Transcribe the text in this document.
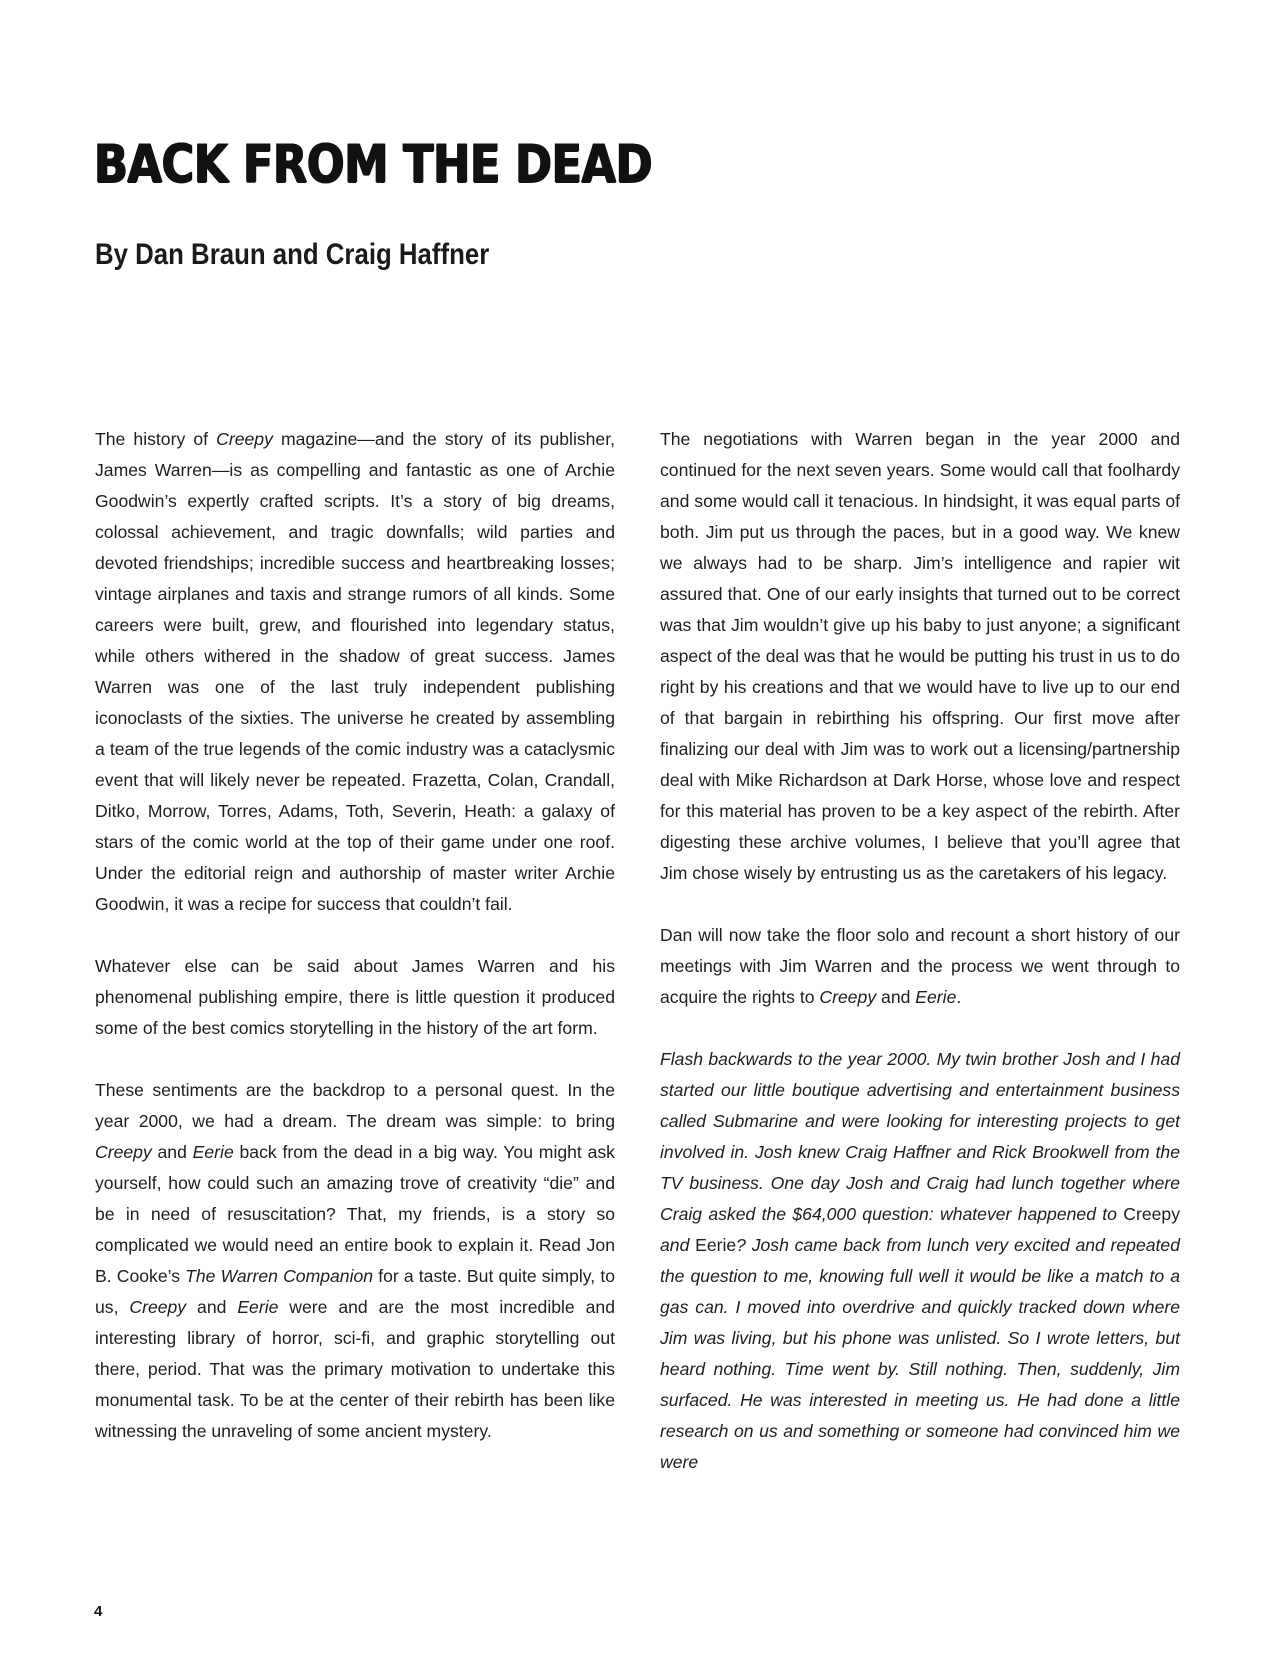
BACK FROM THE DEAD
By Dan Braun and Craig Haffner

The history of Creepy magazine—and the story of its publisher, James Warren—is as compelling and fantastic as one of Archie Goodwin’s expertly crafted scripts. It’s a story of big dreams, colossal achievement, and tragic downfalls; wild parties and devoted friendships; incredible success and heartbreaking losses; vintage airplanes and taxis and strange rumors of all kinds. Some careers were built, grew, and flourished into legendary status, while others withered in the shadow of great success. James Warren was one of the last truly independent publishing iconoclasts of the sixties. The universe he created by assembling a team of the true legends of the comic industry was a cataclysmic event that will likely never be repeated. Frazetta, Colan, Crandall, Ditko, Morrow, Torres, Adams, Toth, Severin, Heath: a galaxy of stars of the comic world at the top of their game under one roof. Under the editorial reign and authorship of master writer Archie Goodwin, it was a recipe for success that couldn’t fail.

Whatever else can be said about James Warren and his phenomenal publishing empire, there is little question it produced some of the best comics storytelling in the history of the art form.

These sentiments are the backdrop to a personal quest. In the year 2000, we had a dream. The dream was simple: to bring Creepy and Eerie back from the dead in a big way. You might ask yourself, how could such an amazing trove of creativity “die” and be in need of resuscitation? That, my friends, is a story so complicated we would need an entire book to explain it. Read Jon B. Cooke’s The Warren Companion for a taste. But quite simply, to us, Creepy and Eerie were and are the most incredible and interesting library of horror, sci-fi, and graphic storytelling out there, period. That was the primary motivation to undertake this monumental task. To be at the center of their rebirth has been like witnessing the unraveling of some ancient mystery.

The negotiations with Warren began in the year 2000 and continued for the next seven years. Some would call that foolhardy and some would call it tenacious. In hindsight, it was equal parts of both. Jim put us through the paces, but in a good way. We knew we always had to be sharp. Jim’s intelligence and rapier wit assured that. One of our early insights that turned out to be correct was that Jim wouldn’t give up his baby to just anyone; a significant aspect of the deal was that he would be putting his trust in us to do right by his creations and that we would have to live up to our end of that bargain in rebirthing his offspring. Our first move after finalizing our deal with Jim was to work out a licensing/partnership deal with Mike Richardson at Dark Horse, whose love and respect for this material has proven to be a key aspect of the rebirth. After digesting these archive volumes, I believe that you’ll agree that Jim chose wisely by entrusting us as the caretakers of his legacy.

Dan will now take the floor solo and recount a short history of our meetings with Jim Warren and the process we went through to acquire the rights to Creepy and Eerie.

Flash backwards to the year 2000. My twin brother Josh and I had started our little boutique advertising and entertainment business called Submarine and were looking for interesting projects to get involved in. Josh knew Craig Haffner and Rick Brookwell from the TV business. One day Josh and Craig had lunch together where Craig asked the $64,000 question: whatever happened to Creepy and Eerie? Josh came back from lunch very excited and repeated the question to me, knowing full well it would be like a match to a gas can. I moved into overdrive and quickly tracked down where Jim was living, but his phone was unlisted. So I wrote letters, but heard nothing. Time went by. Still nothing. Then, suddenly, Jim surfaced. He was interested in meeting us. He had done a little research on us and something or someone had convinced him we were

4
